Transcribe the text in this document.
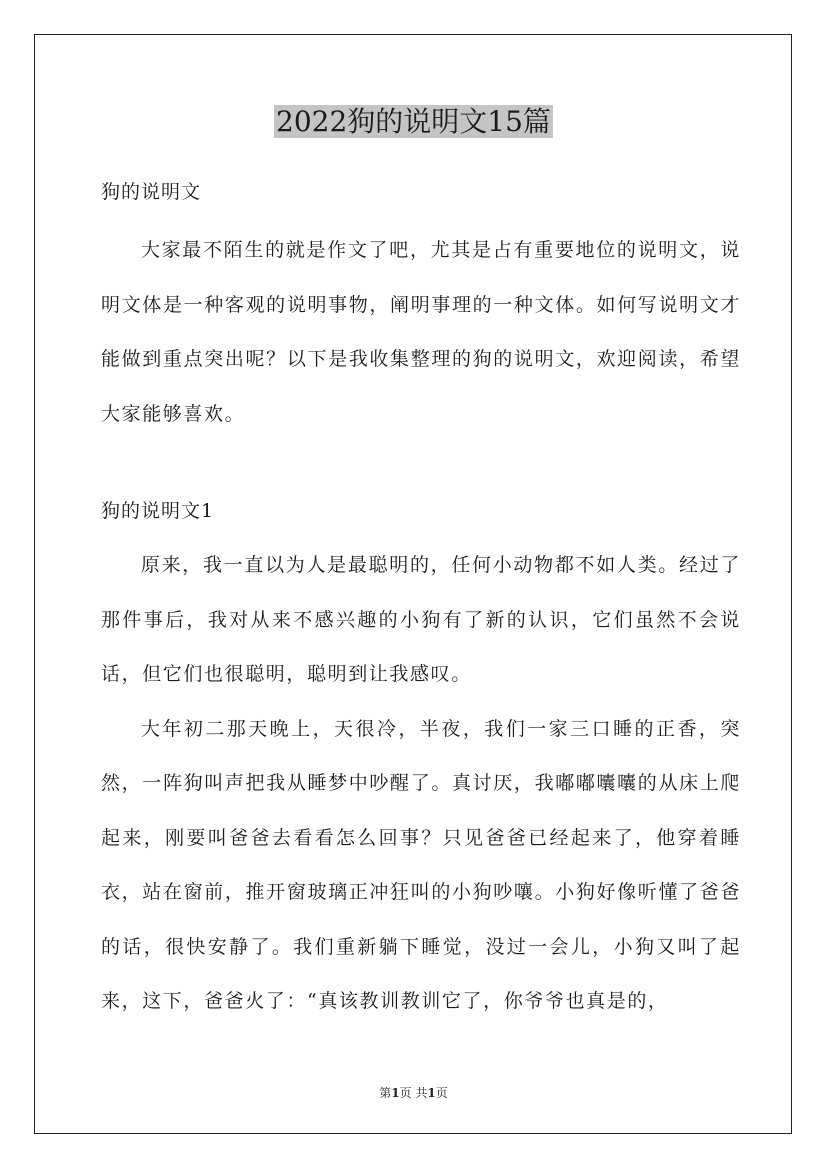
2022狗的说明文15篇

狗的说明文

大家最不陌生的就是作文了吧，尤其是占有重要地位的说明文，说明文体是一种客观的说明事物，阐明事理的一种文体。如何写说明文才能做到重点突出呢？以下是我收集整理的狗的说明文，欢迎阅读，希望大家能够喜欢。

狗的说明文1

原来，我一直以为人是最聪明的，任何小动物都不如人类。经过了那件事后，我对从来不感兴趣的小狗有了新的认识，它们虽然不会说话，但它们也很聪明，聪明到让我感叹。

大年初二那天晚上，天很冷，半夜，我们一家三口睡的正香，突然，一阵狗叫声把我从睡梦中吵醒了。真讨厌，我嘟嘟囔囔的从床上爬起来，刚要叫爸爸去看看怎么回事？只见爸爸已经起来了，他穿着睡衣，站在窗前，推开窗玻璃正冲狂叫的小狗吵嚷。小狗好像听懂了爸爸的话，很快安静了。我们重新躺下睡觉，没过一会儿，小狗又叫了起来，这下，爸爸火了：“真该教训教训它了，你爷爷也真是的，

第1页 共1页
